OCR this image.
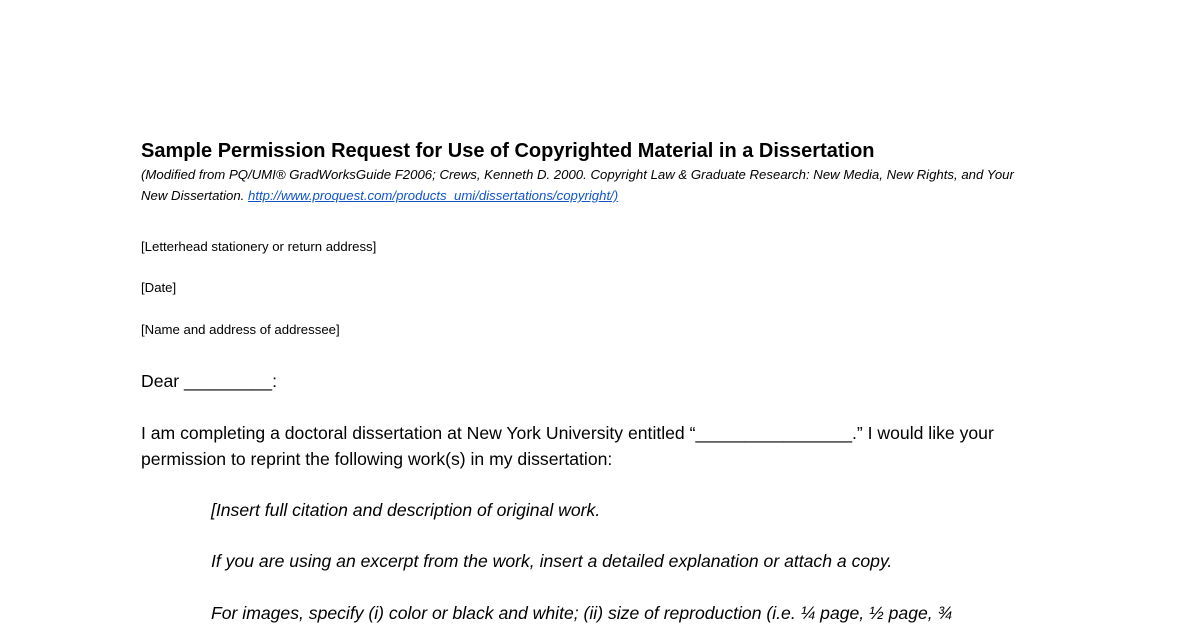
Sample Permission Request for Use of Copyrighted Material in a Dissertation

(Modified from PQ/UMI® GradWorksGuide F2006; Crews, Kenneth D. 2000. Copyright Law & Graduate Research: New Media, New Rights, and Your New Dissertation. http://www.proquest.com/products_umi/dissertations/copyright/)

[Letterhead stationery or return address]

[Date]

[Name and address of addressee]

Dear _________:

I am completing a doctoral dissertation at New York University entitled “________________.” I would like your permission to reprint the following work(s) in my dissertation:

[Insert full citation and description of original work.

If you are using an excerpt from the work, insert a detailed explanation or attach a copy.

For images, specify (i) color or black and white; (ii) size of reproduction (i.e. ¼ page, ½ page, ¾
